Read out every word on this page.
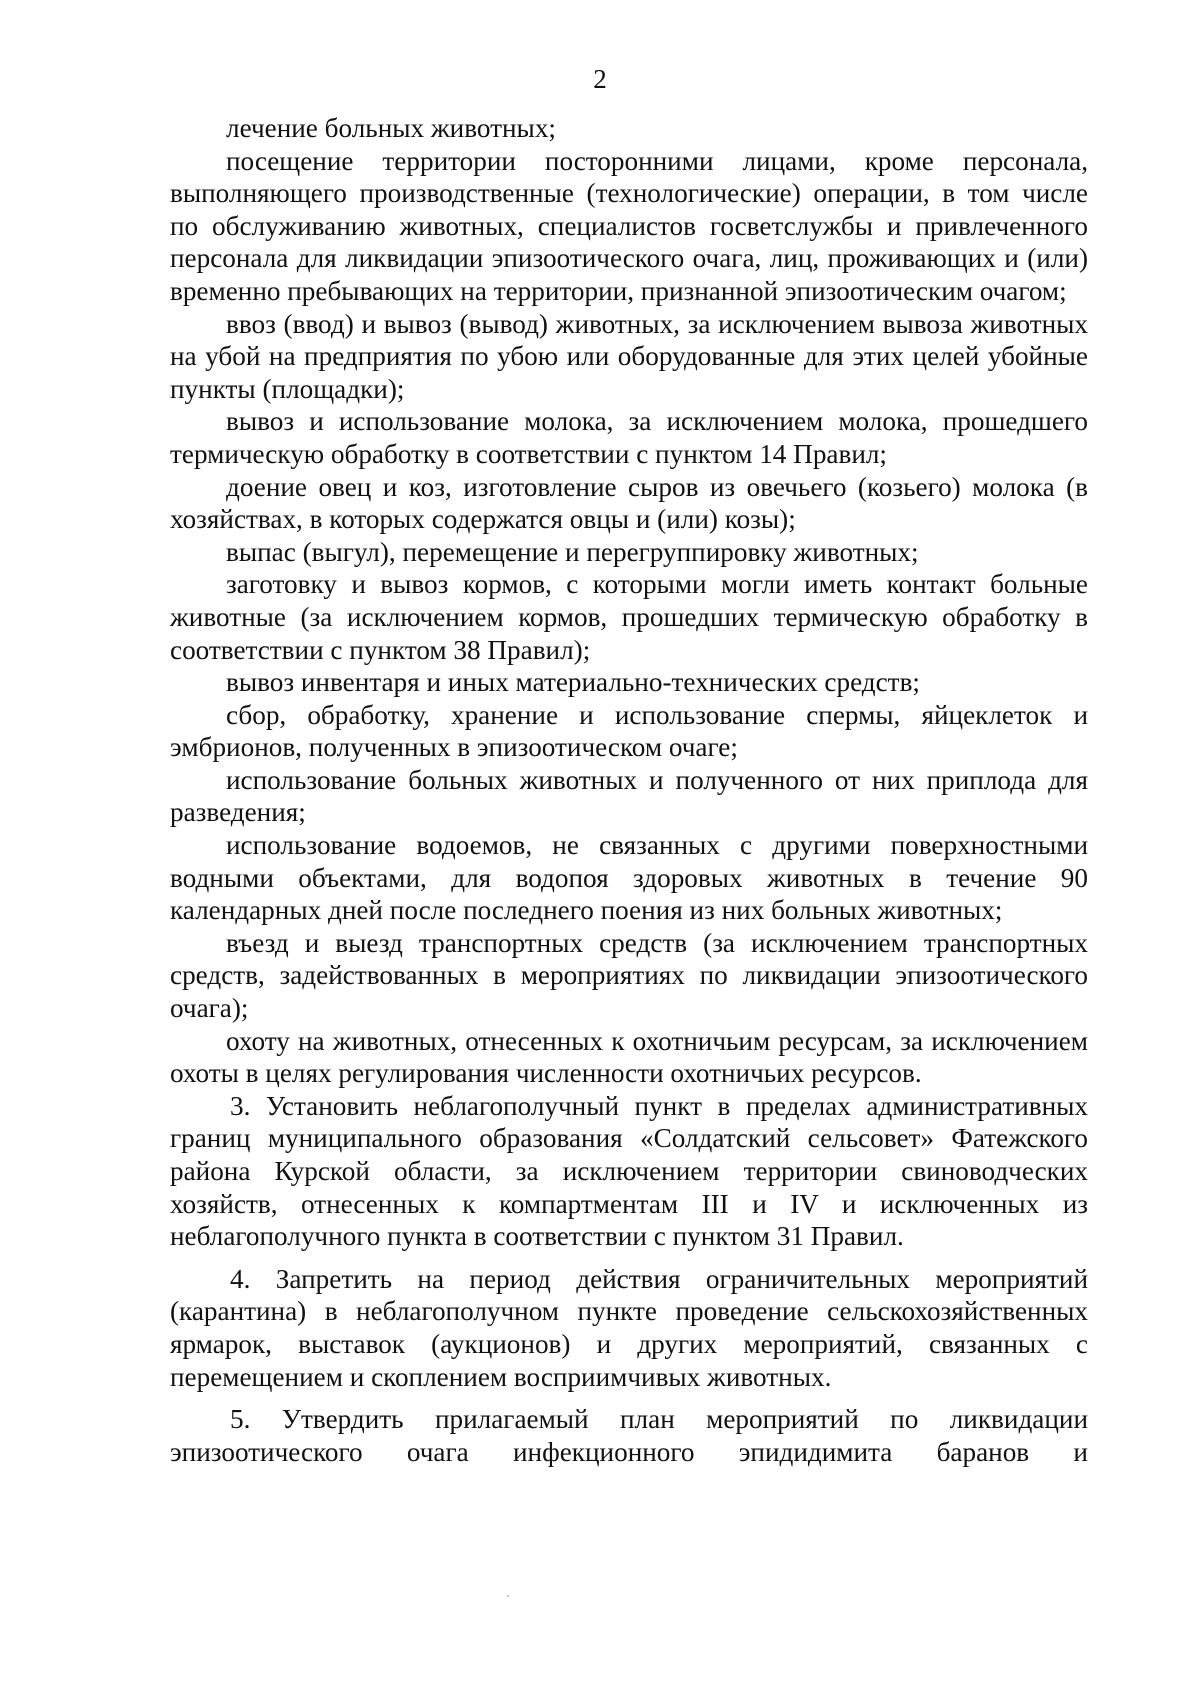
2

лечение больных животных;

посещение территории посторонними лицами, кроме персонала, выполняющего производственные (технологические) операции, в том числе по обслуживанию животных, специалистов госветслужбы и привлеченного персонала для ликвидации эпизоотического очага, лиц, проживающих и (или) временно пребывающих на территории, признанной эпизоотическим очагом;

ввоз (ввод) и вывоз (вывод) животных, за исключением вывоза животных на убой на предприятия по убою или оборудованные для этих целей убойные пункты (площадки);

вывоз и использование молока, за исключением молока, прошедшего термическую обработку в соответствии с пунктом 14 Правил;

доение овец и коз, изготовление сыров из овечьего (козьего) молока (в хозяйствах, в которых содержатся овцы и (или) козы);

выпас (выгул), перемещение и перегруппировку животных;

заготовку и вывоз кормов, с которыми могли иметь контакт больные животные (за исключением кормов, прошедших термическую обработку в соответствии с пунктом 38 Правил);

вывоз инвентаря и иных материально-технических средств;

сбор, обработку, хранение и использование спермы, яйцеклеток и эмбрионов, полученных в эпизоотическом очаге;

использование больных животных и полученного от них приплода для разведения;

использование водоемов, не связанных с другими поверхностными водными объектами, для водопоя здоровых животных в течение 90 календарных дней после последнего поения из них больных животных;

въезд и выезд транспортных средств (за исключением транспортных средств, задействованных в мероприятиях по ликвидации эпизоотического очага);

охоту на животных, отнесенных к охотничьим ресурсам, за исключением охоты в целях регулирования численности охотничьих ресурсов.

3. Установить неблагополучный пункт в пределах административных границ муниципального образования «Солдатский сельсовет» Фатежского района Курской области, за исключением территории свиноводческих хозяйств, отнесенных к компартментам III и IV и исключенных из неблагополучного пункта в соответствии с пунктом 31 Правил.

4. Запретить на период действия ограничительных мероприятий (карантина) в неблагополучном пункте проведение сельскохозяйственных ярмарок, выставок (аукционов) и других мероприятий, связанных с перемещением и скоплением восприимчивых животных.

5. Утвердить прилагаемый план мероприятий по ликвидации эпизоотического очага инфекционного эпидидимита баранов и
